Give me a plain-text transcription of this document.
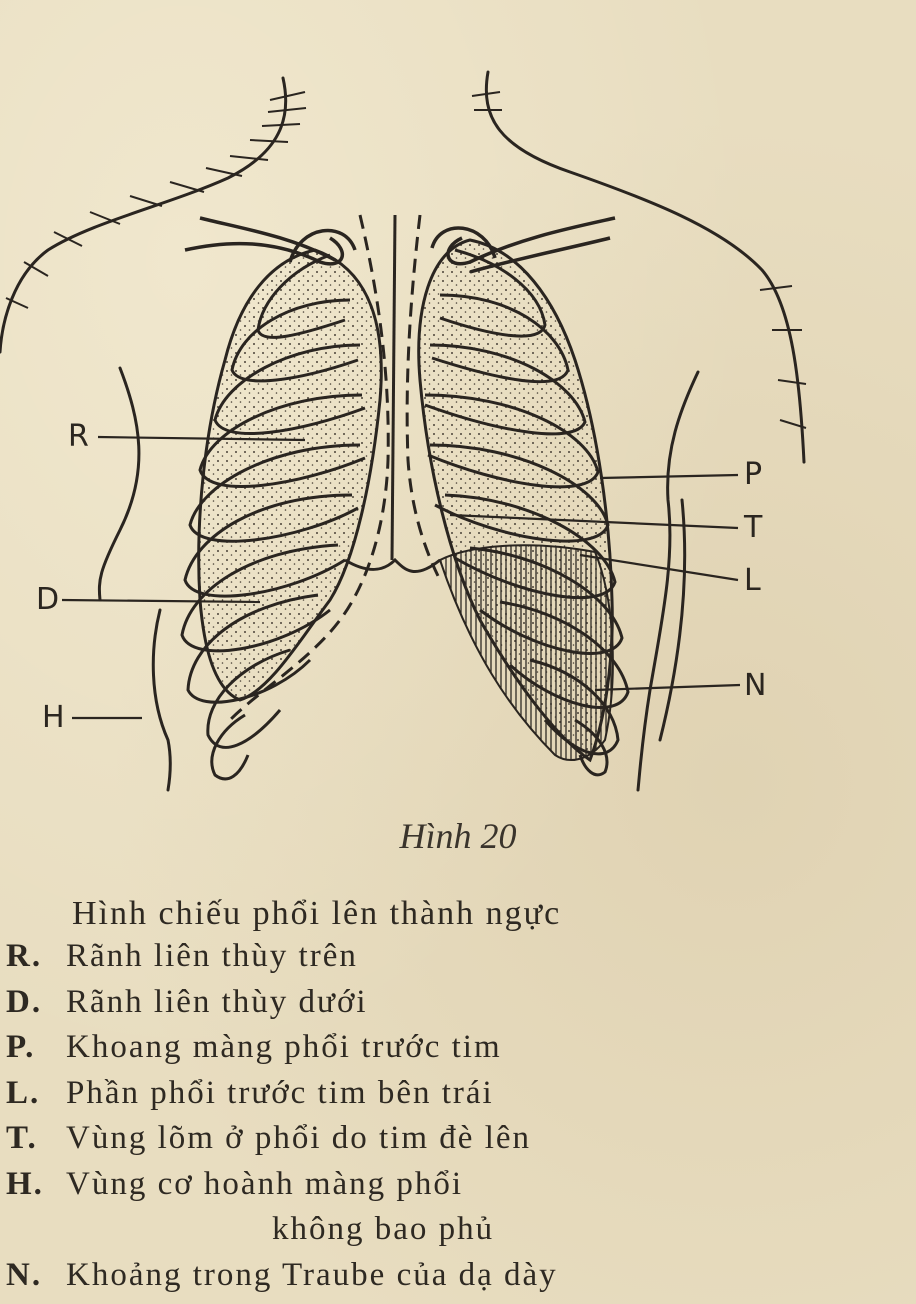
R
D
H
P
T
L
N
Hình 20
Hình chiếu phổi lên thành ngực
R. Rãnh liên thùy trên
D. Rãnh liên thùy dưới
P. Khoang màng phổi trước tim
L. Phần phổi trước tim bên trái
T. Vùng lõm ở phổi do tim đè lên
H. Vùng cơ hoành màng phổi
không bao phủ
N. Khoảng trong Traube của dạ dày
